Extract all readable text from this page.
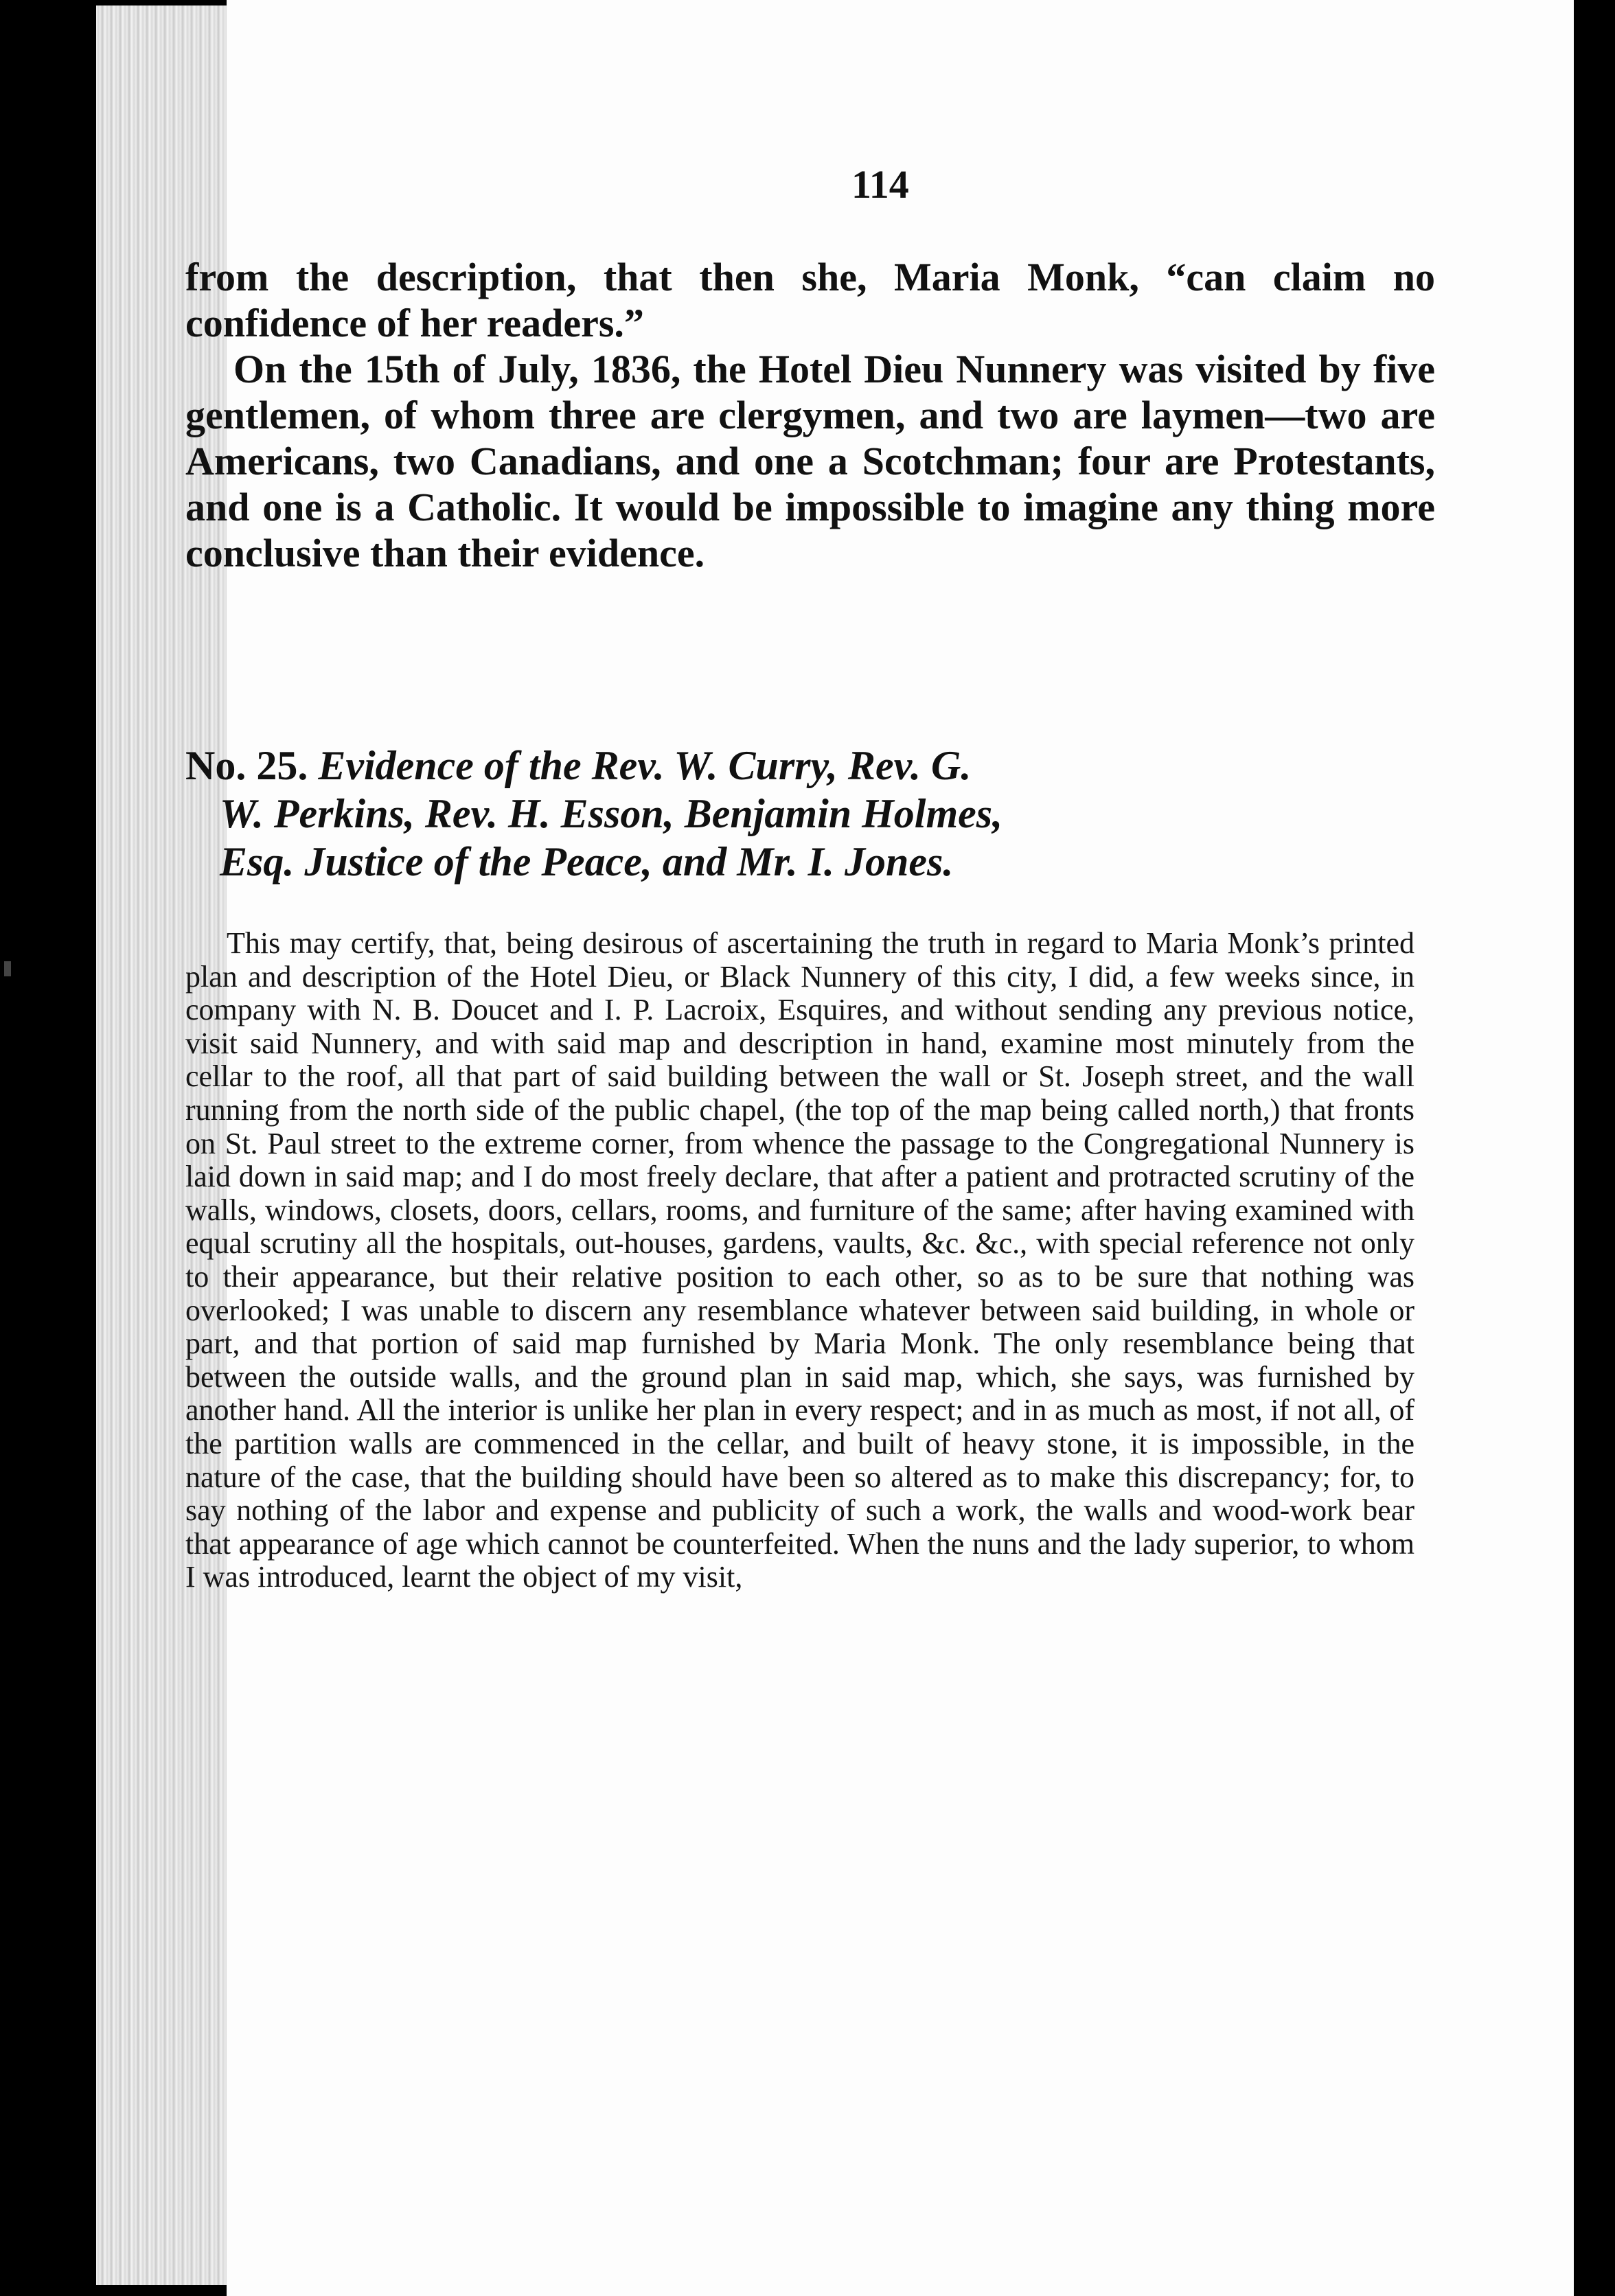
114

from the description, that then she, Maria Monk, “can claim no confidence of her readers.”

On the 15th of July, 1836, the Hotel Dieu Nunnery was visited by five gentlemen, of whom three are clergymen, and two are laymen—two are Americans, two Canadians, and one a Scotchman; four are Protestants, and one is a Catholic. It would be impossible to imagine any thing more conclusive than their evidence.

No. 25. Evidence of the Rev. W. Curry, Rev. G.
W. Perkins, Rev. H. Esson, Benjamin Holmes,
Esq. Justice of the Peace, and Mr. I. Jones.

This may certify, that, being desirous of ascertaining the truth in regard to Maria Monk’s printed plan and description of the Hotel Dieu, or Black Nunnery of this city, I did, a few weeks since, in company with N. B. Doucet and I. P. Lacroix, Esquires, and without sending any previous notice, visit said Nunnery, and with said map and description in hand, examine most minutely from the cellar to the roof, all that part of said building between the wall or St. Joseph street, and the wall running from the north side of the public chapel, (the top of the map being called north,) that fronts on St. Paul street to the extreme corner, from whence the passage to the Congregational Nunnery is laid down in said map; and I do most freely declare, that after a patient and protracted scrutiny of the walls, windows, closets, doors, cellars, rooms, and furniture of the same; after having examined with equal scrutiny all the hospitals, out-houses, gardens, vaults, &c. &c., with special reference not only to their appearance, but their relative position to each other, so as to be sure that nothing was overlooked; I was unable to discern any resemblance whatever between said building, in whole or part, and that portion of said map furnished by Maria Monk. The only resemblance being that between the outside walls, and the ground plan in said map, which, she says, was furnished by another hand. All the interior is unlike her plan in every respect; and in as much as most, if not all, of the partition walls are commenced in the cellar, and built of heavy stone, it is impossible, in the nature of the case, that the building should have been so altered as to make this discrepancy; for, to say nothing of the labor and expense and publicity of such a work, the walls and wood-work bear that appearance of age which cannot be counterfeited. When the nuns and the lady superior, to whom I was introduced, learnt the object of my visit,
